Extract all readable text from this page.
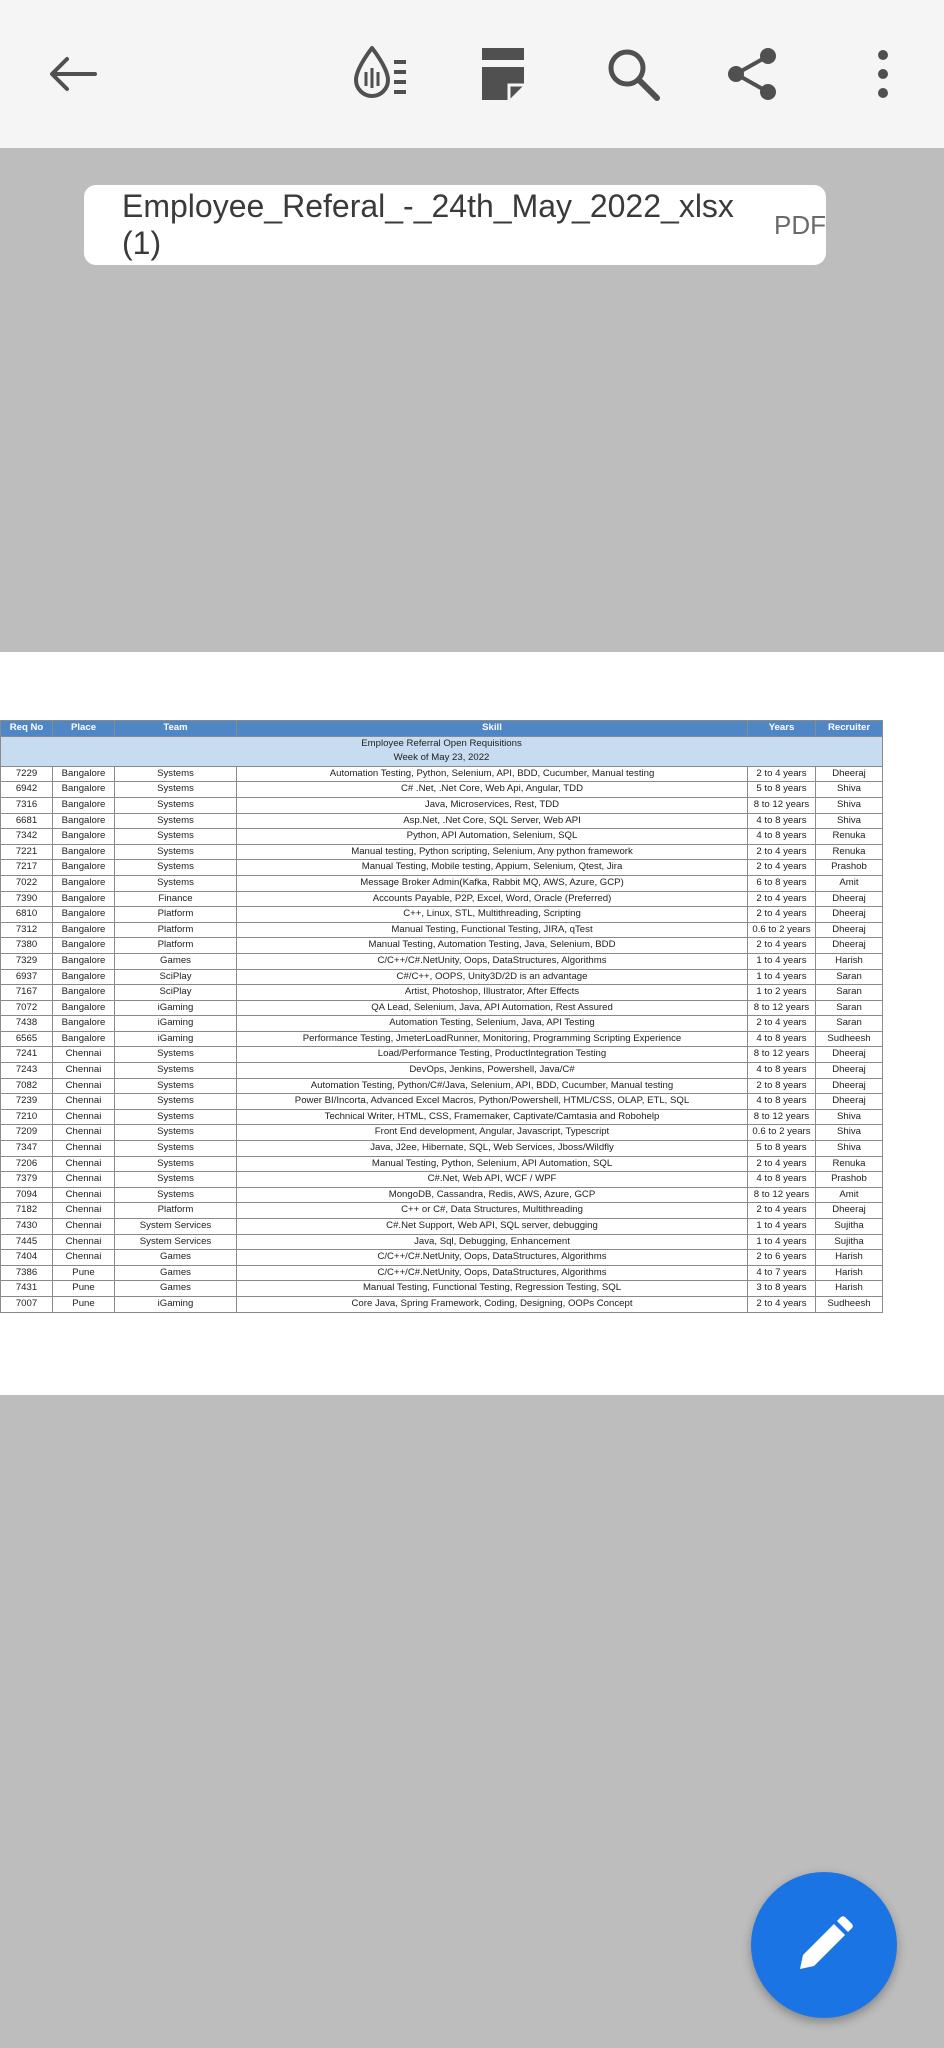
Employee_Referal_-_24th_May_2022_xlsx (1)
PDF
Employee Referral Open Requisitions					
Week of May 23, 2022					
Req No	Place	Team	Skill	Years	Recruiter
7229	Bangalore	Systems	Automation Testing, Python, Selenium, API, BDD, Cucumber, Manual testing	2 to 4 years	Dheeraj
6942	Bangalore	Systems	C# .Net, .Net Core, Web Api, Angular, TDD	5 to 8 years	Shiva
7316	Bangalore	Systems	Java, Microservices, Rest, TDD	8 to 12 years	Shiva
6681	Bangalore	Systems	Asp.Net, .Net Core, SQL Server, Web API	4 to 8 years	Shiva
7342	Bangalore	Systems	Python, API Automation, Selenium, SQL	4 to 8 years	Renuka
7221	Bangalore	Systems	Manual testing, Python scripting, Selenium, Any python framework	2 to 4 years	Renuka
7217	Bangalore	Systems	Manual Testing, Mobile testing, Appium, Selenium, Qtest, Jira	2 to 4 years	Prashob
7022	Bangalore	Systems	Message Broker Admin(Kafka, Rabbit MQ, AWS, Azure, GCP)	6 to 8 years	Amit
7390	Bangalore	Finance	Accounts Payable, P2P, Excel, Word, Oracle (Preferred)	2 to 4 years	Dheeraj
6810	Bangalore	Platform	C++, Linux, STL, Multithreading, Scripting	2 to 4 years	Dheeraj
7312	Bangalore	Platform	Manual Testing, Functional Testing, JIRA, qTest	0.6 to 2 years	Dheeraj
7380	Bangalore	Platform	Manual Testing, Automation Testing, Java, Selenium, BDD	2 to 4 years	Dheeraj
7329	Bangalore	Games	C/C++/C#.NetUnity, Oops, DataStructures, Algorithms	1 to 4 years	Harish
6937	Bangalore	SciPlay	C#/C++, OOPS, Unity3D/2D is an advantage	1 to 4 years	Saran
7167	Bangalore	SciPlay	Artist, Photoshop, Illustrator, After Effects	1 to 2 years	Saran
7072	Bangalore	iGaming	QA Lead, Selenium, Java, API Automation, Rest Assured	8 to 12 years	Saran
7438	Bangalore	iGaming	Automation Testing, Selenium, Java, API Testing	2 to 4 years	Saran
6565	Bangalore	iGaming	Performance Testing, JmeterLoadRunner, Monitoring, Programming Scripting Experience	4 to 8 years	Sudheesh
7241	Chennai	Systems	Load/Performance Testing, ProductIntegration Testing	8 to 12 years	Dheeraj
7243	Chennai	Systems	DevOps, Jenkins, Powershell, Java/C#	4 to 8 years	Dheeraj
7082	Chennai	Systems	Automation Testing, Python/C#/Java, Selenium, API, BDD, Cucumber, Manual testing	2 to 8 years	Dheeraj
7239	Chennai	Systems	Power BI/Incorta, Advanced Excel Macros, Python/Powershell, HTML/CSS, OLAP, ETL, SQL	4 to 8 years	Dheeraj
7210	Chennai	Systems	Technical Writer, HTML, CSS, Framemaker, Captivate/Camtasia and Robohelp	8 to 12 years	Shiva
7209	Chennai	Systems	Front End development, Angular, Javascript, Typescript	0.6 to 2 years	Shiva
7347	Chennai	Systems	Java, J2ee, Hibernate, SQL, Web Services, Jboss/Wildfly	5 to 8 years	Shiva
7206	Chennai	Systems	Manual Testing, Python, Selenium, API Automation, SQL	2 to 4 years	Renuka
7379	Chennai	Systems	C#.Net, Web API, WCF / WPF	4 to 8 years	Prashob
7094	Chennai	Systems	MongoDB, Cassandra, Redis, AWS, Azure, GCP	8 to 12 years	Amit
7182	Chennai	Platform	C++ or C#, Data Structures, Multithreading	2 to 4 years	Dheeraj
7430	Chennai	System Services	C#.Net Support, Web API, SQL server, debugging	1 to 4 years	Sujitha
7445	Chennai	System Services	Java, Sql, Debugging, Enhancement	1 to 4 years	Sujitha
7404	Chennai	Games	C/C++/C#.NetUnity, Oops, DataStructures, Algorithms	2 to 6 years	Harish
7386	Pune	Games	C/C++/C#.NetUnity, Oops, DataStructures, Algorithms	4 to 7 years	Harish
7431	Pune	Games	Manual Testing, Functional Testing, Regression Testing, SQL	3 to 8 years	Harish
7007	Pune	iGaming	Core Java, Spring Framework, Coding, Designing, OOPs Concept	2 to 4 years	Sudheesh
